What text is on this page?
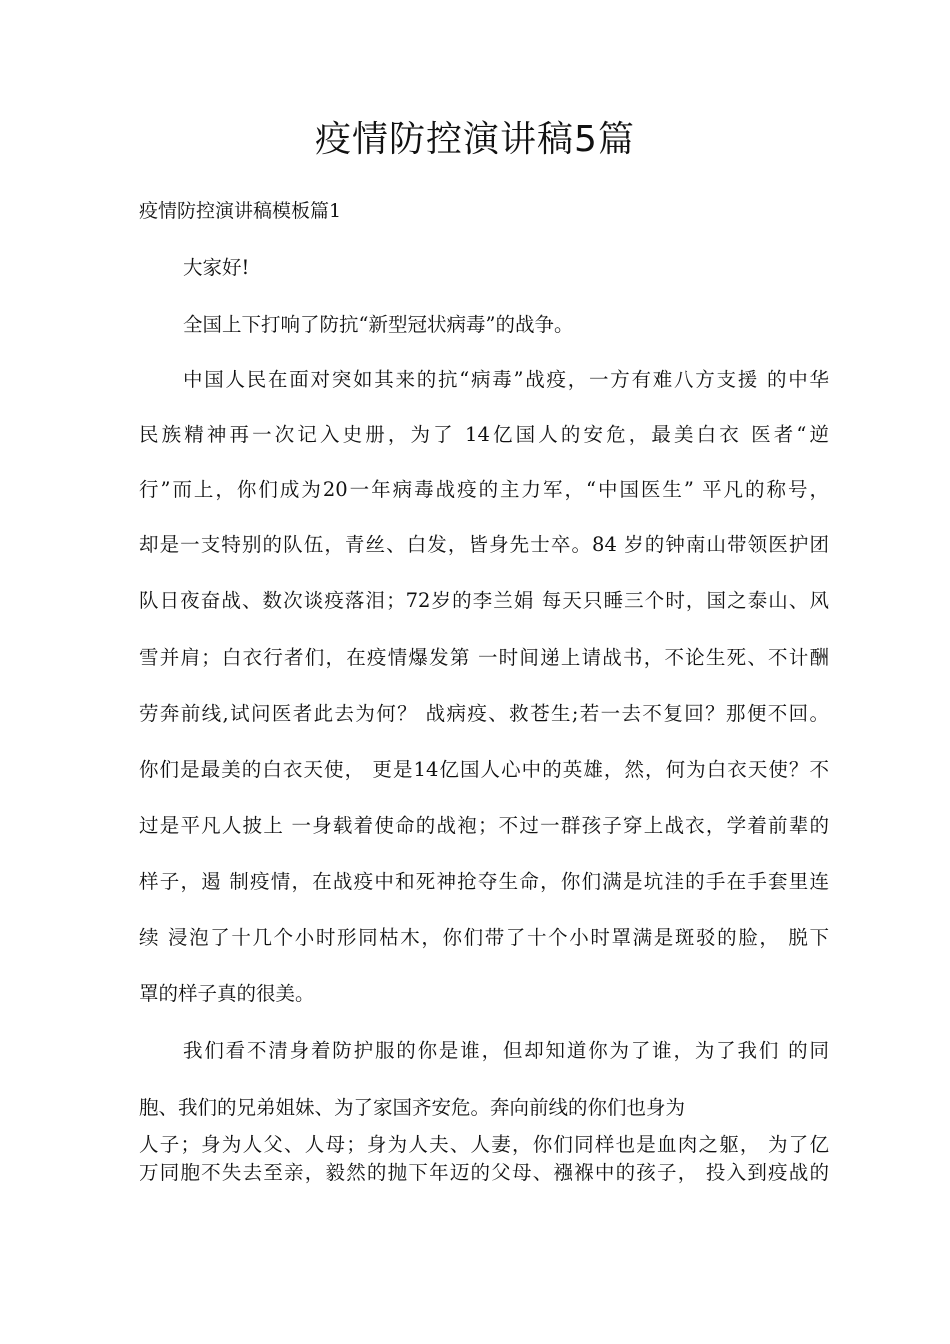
疫情防控演讲稿5篇
疫情防控演讲稿模板篇1
大家好!
全国上下打响了防抗“新型冠状病毒”的战争。
中国人民在面对突如其来的抗“病毒”战疫，一方有难八方支援 的中华
民族精神再一次记入史册，为了 14亿国人的安危，最美白衣 医者“逆
行”而上，你们成为20一年病毒战疫的主力军，“中国医生” 平凡的称号，
却是一支特别的队伍，青丝、白发，皆身先士卒。84 岁的钟南山带领医护团
队日夜奋战、数次谈疫落泪；72岁的李兰娟 每天只睡三个时，国之泰山、风
雪并肩；白衣行者们，在疫情爆发第 一时间递上请战书，不论生死、不计酬
劳奔前线,试问医者此去为何？ 战病疫、救苍生;若一去不复回？那便不回。
你们是最美的白衣天使， 更是14亿国人心中的英雄，然，何为白衣天使？不
过是平凡人披上 一身载着使命的战袍；不过一群孩子穿上战衣，学着前辈的
样子，遏 制疫情，在战疫中和死神抢夺生命，你们满是坑洼的手在手套里连
续 浸泡了十几个小时形同枯木，你们带了十个小时罩满是斑驳的脸， 脱下
罩的样子真的很美。
我们看不清身着防护服的你是谁，但却知道你为了谁，为了我们 的同
胞、我们的兄弟姐妹、为了家国齐安危。奔向前线的你们也身为
人子；身为人父、人母；身为人夫、人妻，你们同样也是血肉之躯， 为了亿
万同胞不失去至亲，毅然的抛下年迈的父母、襁褓中的孩子， 投入到疫战的
